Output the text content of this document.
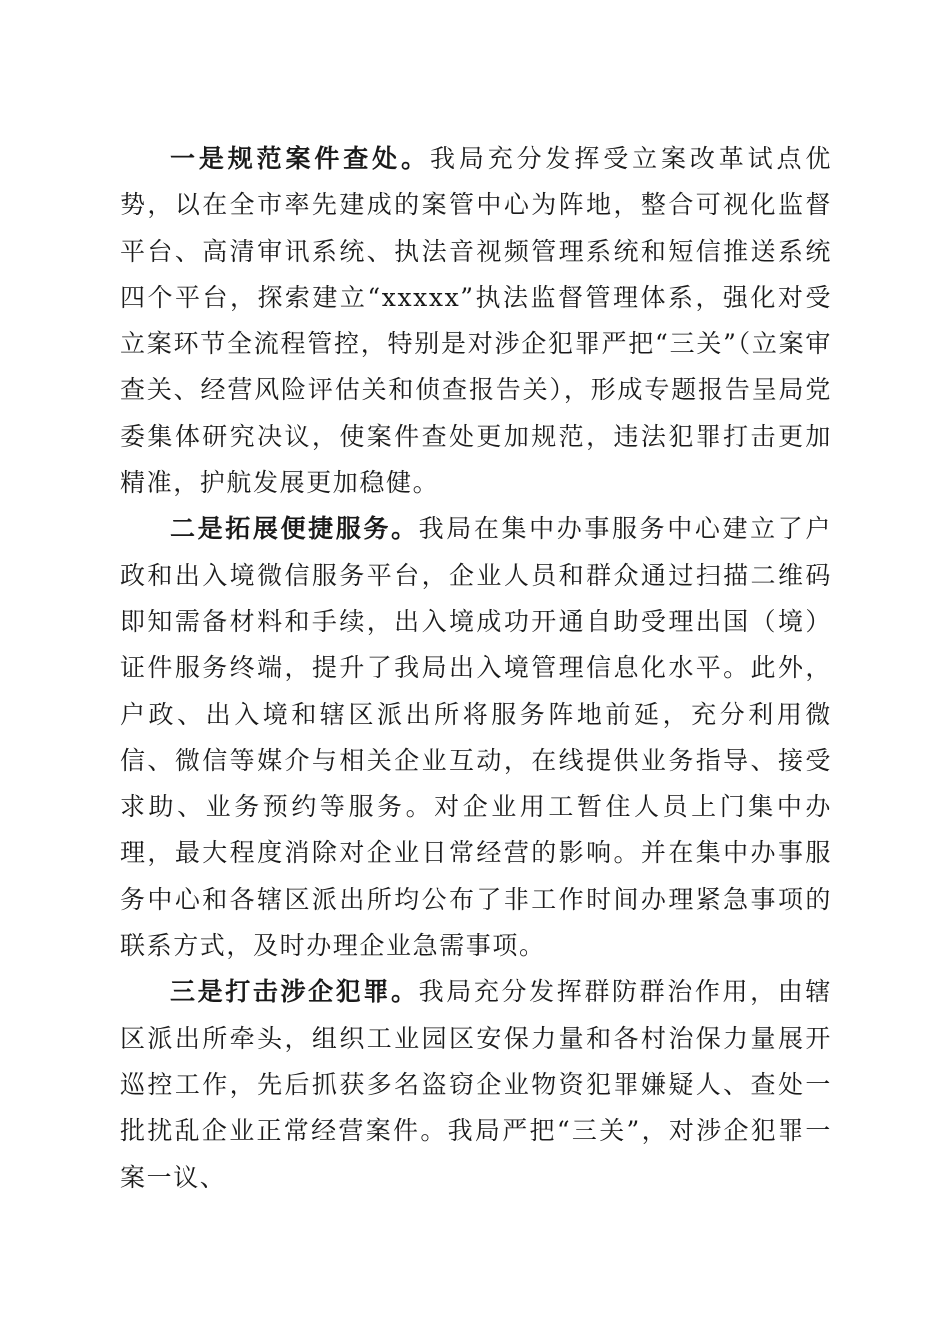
一是规范案件查处。我局充分发挥受立案改革试点优势，以在全市率先建成的案管中心为阵地，整合可视化监督平台、高清审讯系统、执法音视频管理系统和短信推送系统四个平台，探索建立“xxxxx”执法监督管理体系，强化对受立案环节全流程管控，特别是对涉企犯罪严把“三关”（立案审查关、经营风险评估关和侦查报告关），形成专题报告呈局党委集体研究决议，使案件查处更加规范，违法犯罪打击更加精准，护航发展更加稳健。

二是拓展便捷服务。我局在集中办事服务中心建立了户政和出入境微信服务平台，企业人员和群众通过扫描二维码即知需备材料和手续，出入境成功开通自助受理出国（境）证件服务终端，提升了我局出入境管理信息化水平。此外，户政、出入境和辖区派出所将服务阵地前延，充分利用微信、微信等媒介与相关企业互动，在线提供业务指导、接受求助、业务预约等服务。对企业用工暂住人员上门集中办理，最大程度消除对企业日常经营的影响。并在集中办事服务中心和各辖区派出所均公布了非工作时间办理紧急事项的联系方式，及时办理企业急需事项。

三是打击涉企犯罪。我局充分发挥群防群治作用，由辖区派出所牵头，组织工业园区安保力量和各村治保力量展开巡控工作，先后抓获多名盗窃企业物资犯罪嫌疑人、查处一批扰乱企业正常经营案件。我局严把“三关”，对涉企犯罪一案一议、
